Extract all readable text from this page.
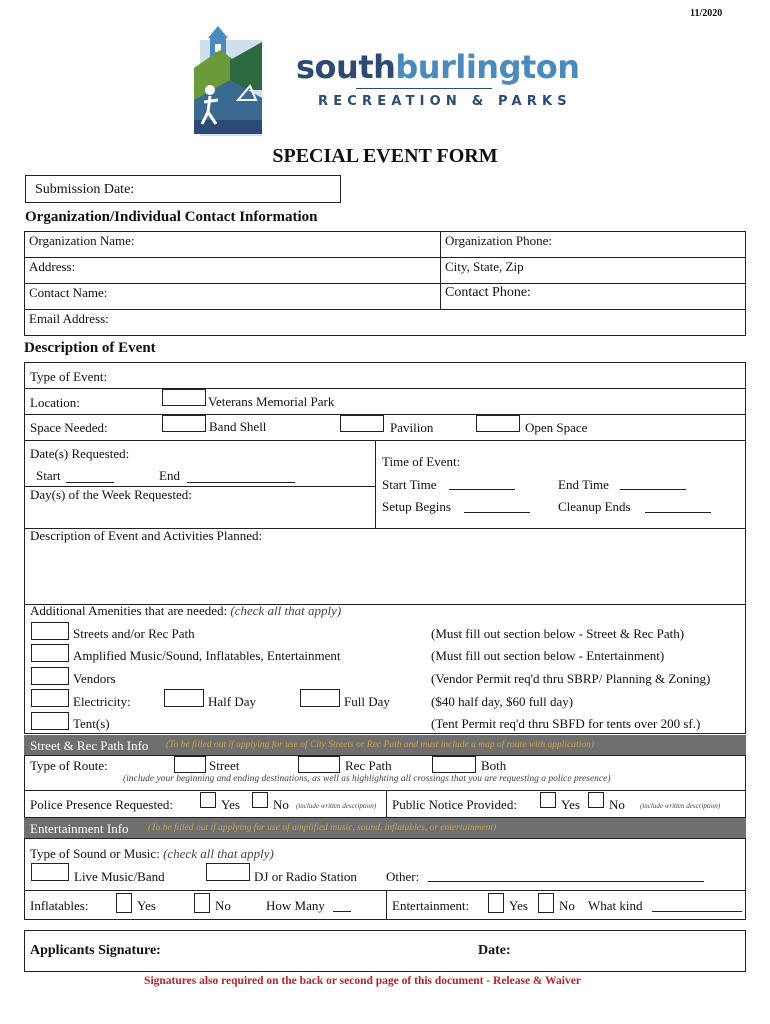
11/2020
southburlington
RECREATION & PARKS
SPECIAL EVENT FORM
Submission Date:
Organization/Individual Contact Information
Organization Name:	Organization Phone:
Address:	City, State, Zip
Contact Name:	Contact Phone:
Email Address:
Description of Event
Type of Event:
Location:	Veterans Memorial Park
Space Needed:	Band Shell	Pavilion	Open Space
Date(s) Requested:
Start	End
Day(s) of the Week Requested:
Time of Event:
Start Time	End Time
Setup Begins	Cleanup Ends
Description of Event and Activities Planned:
Additional Amenities that are needed: (check all that apply)
Streets and/or Rec Path	(Must fill out section below - Street & Rec Path)
Amplified Music/Sound, Inflatables, Entertainment	(Must fill out section below - Entertainment)
Vendors	(Vendor Permit req'd thru SBRP/ Planning & Zoning)
Electricity:	Half Day	Full Day	($40 half day, $60 full day)
Tent(s)	(Tent Permit req'd thru SBFD for tents over 200 sf.)
Street & Rec Path Info (To be filled out if applying for use of City Streets or Rec Path and must include a map of route with application)
Type of Route:	Street	Rec Path	Both
(include your beginning and ending destinations, as well as highlighting all crossings that you are requesting a police presence)
Police Presence Requested:	Yes	No (include written description) Public Notice Provided:	Yes No (include written description)
Entertainment Info (To be filled out if applying for use of amplified music, sound, inflatables, or entertainment)
Type of Sound or Music: (check all that apply)
Live Music/Band	DJ or Radio Station Other:
Inflatables:	Yes	No	How Many	Entertainment:	Yes No What kind
Applicants Signature:	Date:
Signatures also required on the back or second page of this document - Release & Waiver
